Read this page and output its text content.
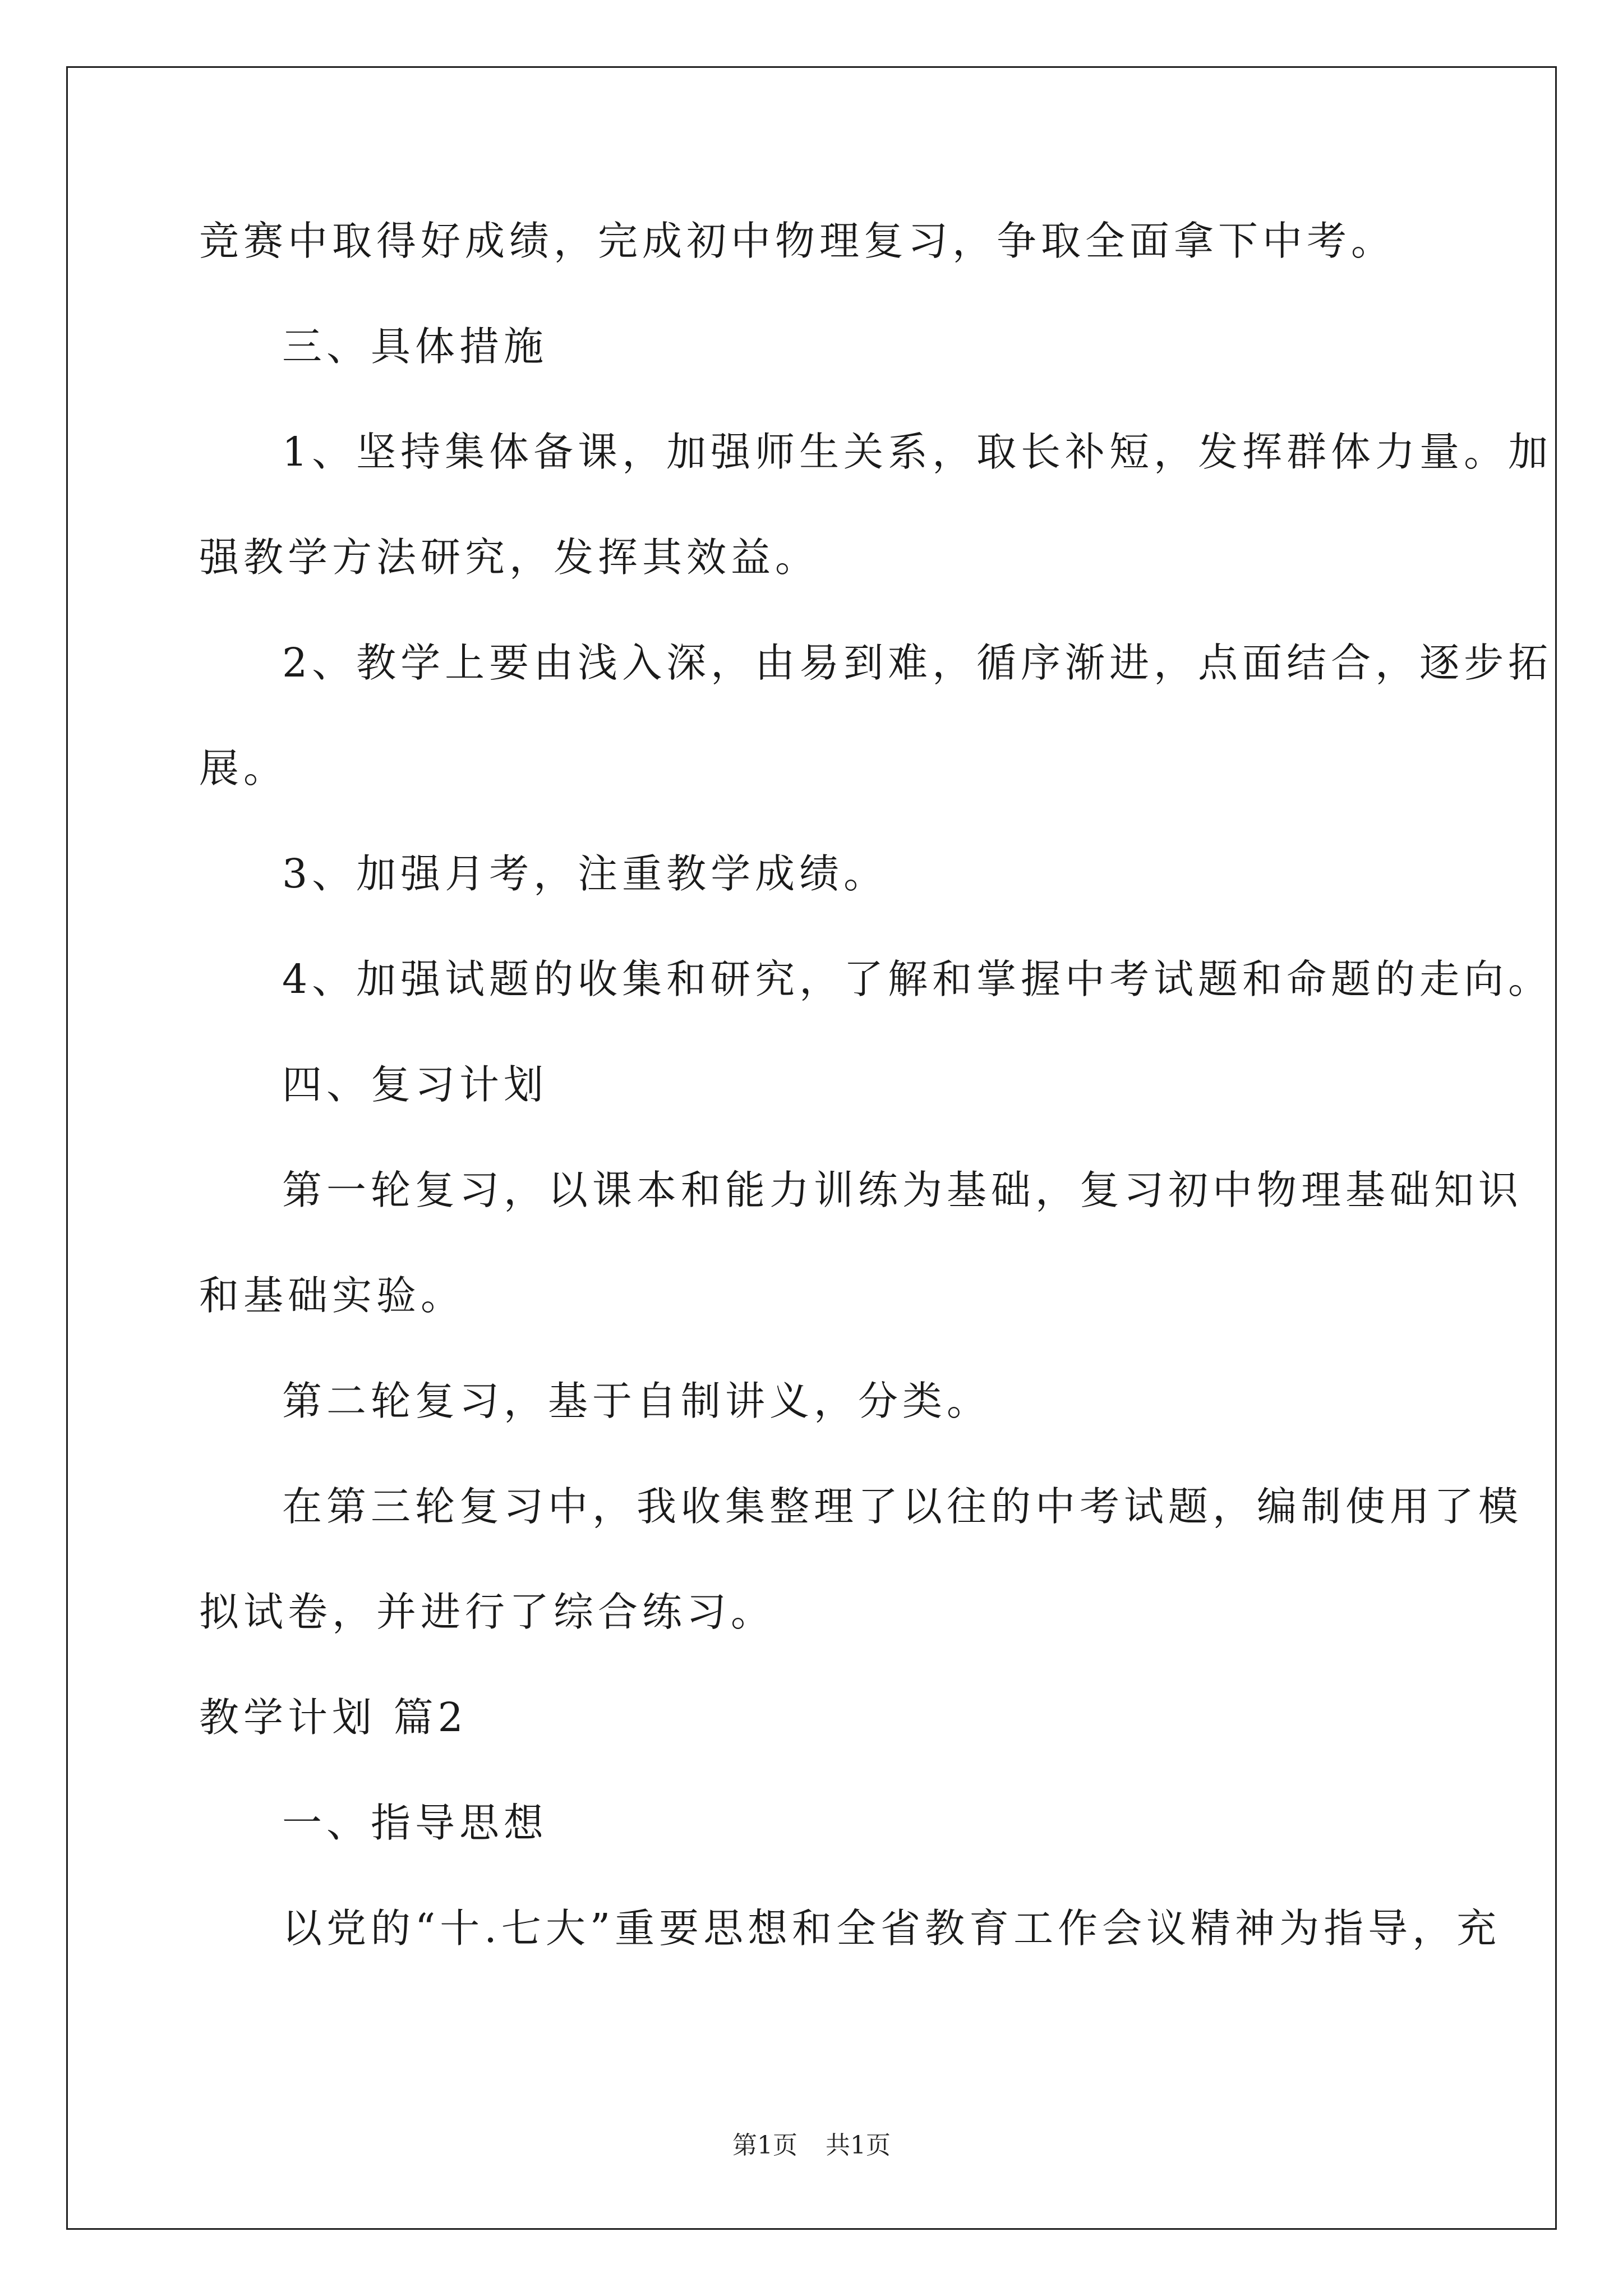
竞赛中取得好成绩，完成初中物理复习，争取全面拿下中考。
三、具体措施
1、坚持集体备课，加强师生关系，取长补短，发挥群体力量。加
强教学方法研究，发挥其效益。
2、教学上要由浅入深，由易到难，循序渐进，点面结合，逐步拓
展。
3、加强月考，注重教学成绩。
4、加强试题的收集和研究，了解和掌握中考试题和命题的走向。
四、复习计划
第一轮复习，以课本和能力训练为基础，复习初中物理基础知识
和基础实验。
第二轮复习，基于自制讲义，分类。
在第三轮复习中，我收集整理了以往的中考试题，编制使用了模
拟试卷，并进行了综合练习。
教学计划 篇2
一、指导思想
以党的“十.七大”重要思想和全省教育工作会议精神为指导，充
第1页 共1页
